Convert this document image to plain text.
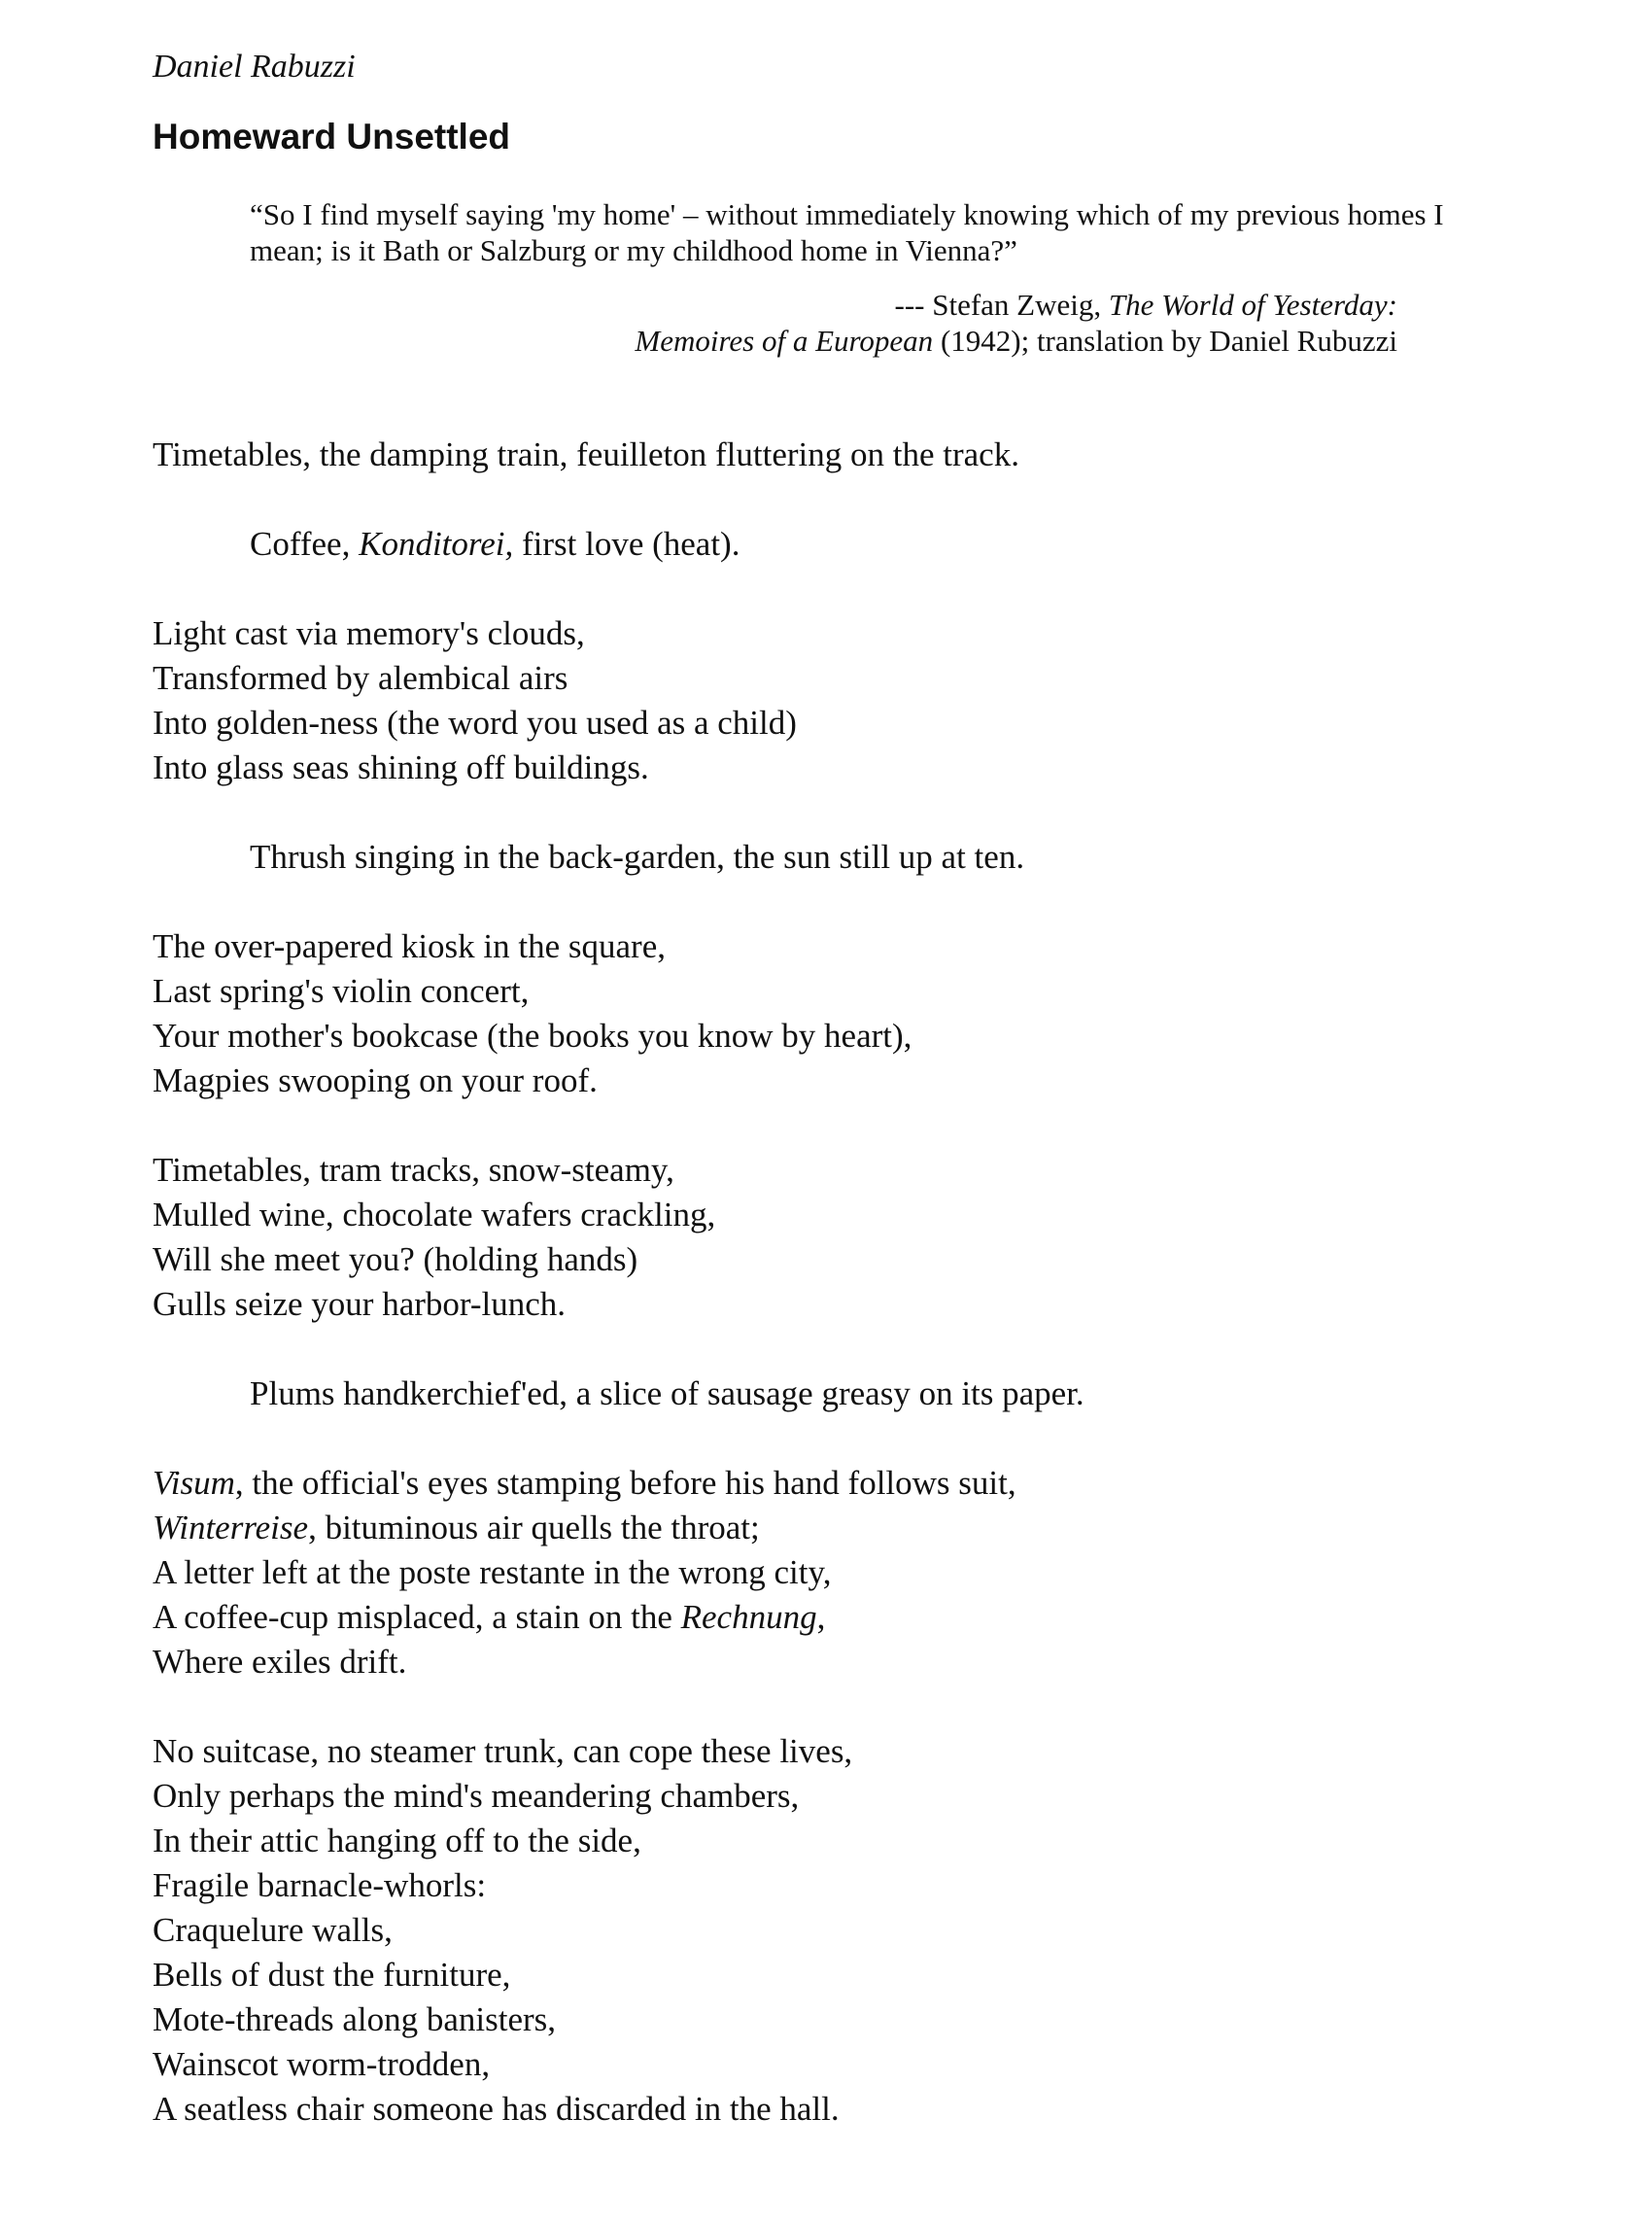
Daniel Rabuzzi

Homeward Unsettled

“So I find myself saying 'my home' – without immediately knowing which of my previous homes I mean; is it Bath or Salzburg or my childhood home in Vienna?”

--- Stefan Zweig, The World of Yesterday:

Memoires of a European (1942); translation by Daniel Rubuzzi

Timetables, the damping train, feuilleton fluttering on the track.
Coffee, Konditorei, first love (heat).
Light cast via memory's clouds,
Transformed by alembical airs
Into golden-ness (the word you used as a child)
Into glass seas shining off buildings.
Thrush singing in the back-garden, the sun still up at ten.
The over-papered kiosk in the square,
Last spring's violin concert,
Your mother's bookcase (the books you know by heart),
Magpies swooping on your roof.
Timetables, tram tracks, snow-steamy,
Mulled wine, chocolate wafers crackling,
Will she meet you? (holding hands)
Gulls seize your harbor-lunch.
Plums handkerchief'ed, a slice of sausage greasy on its paper.
Visum, the official's eyes stamping before his hand follows suit,
Winterreise, bituminous air quells the throat;
A letter left at the poste restante in the wrong city,
A coffee-cup misplaced, a stain on the Rechnung,
Where exiles drift.
No suitcase, no steamer trunk, can cope these lives,
Only perhaps the mind's meandering chambers,
In their attic hanging off to the side,
Fragile barnacle-whorls:
Craquelure walls,
Bells of dust the furniture,
Mote-threads along banisters,
Wainscot worm-trodden,
A seatless chair someone has discarded in the hall.
